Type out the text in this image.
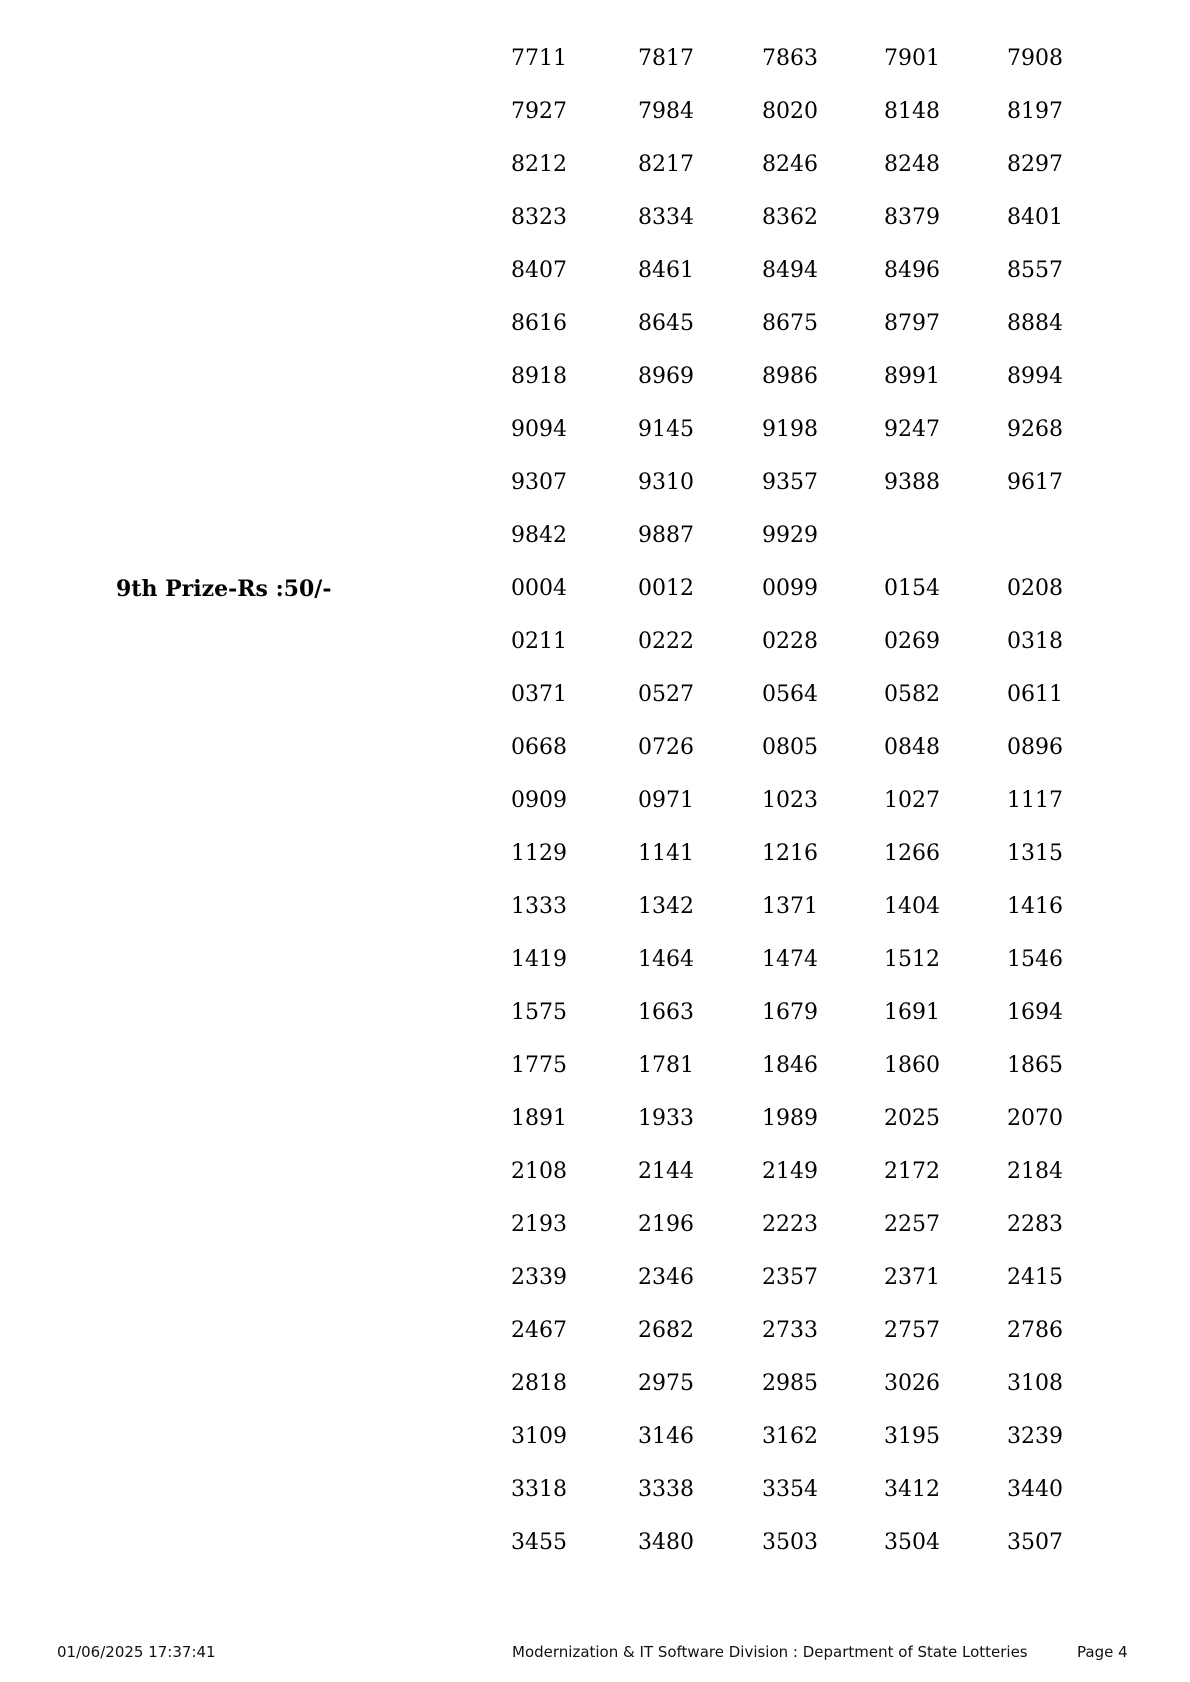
7711	7817	7863	7901	7908
7927	7984	8020	8148	8197
8212	8217	8246	8248	8297
8323	8334	8362	8379	8401
8407	8461	8494	8496	8557
8616	8645	8675	8797	8884
8918	8969	8986	8991	8994
9094	9145	9198	9247	9268
9307	9310	9357	9388	9617
9842	9887	9929
9th Prize-Rs :50/-	0004	0012	0099	0154	0208
0211	0222	0228	0269	0318
0371	0527	0564	0582	0611
0668	0726	0805	0848	0896
0909	0971	1023	1027	1117
1129	1141	1216	1266	1315
1333	1342	1371	1404	1416
1419	1464	1474	1512	1546
1575	1663	1679	1691	1694
1775	1781	1846	1860	1865
1891	1933	1989	2025	2070
2108	2144	2149	2172	2184
2193	2196	2223	2257	2283
2339	2346	2357	2371	2415
2467	2682	2733	2757	2786
2818	2975	2985	3026	3108
3109	3146	3162	3195	3239
3318	3338	3354	3412	3440
3455	3480	3503	3504	3507
01/06/2025 17:37:41	Modernization & IT Software Division : Department of State Lotteries	Page 4
